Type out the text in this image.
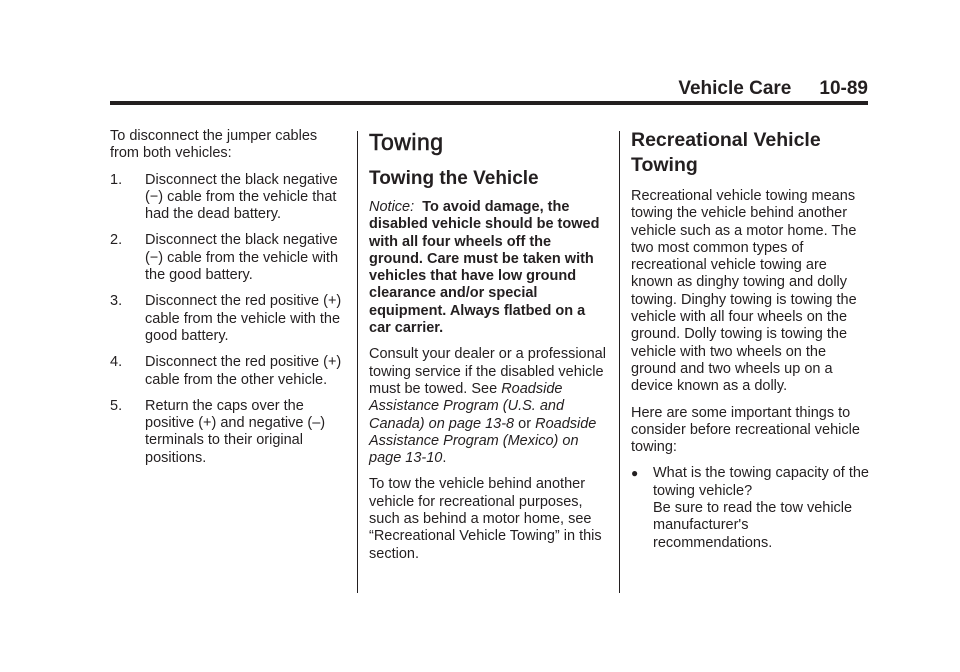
Vehicle Care 10-89

To disconnect the jumper cables from both vehicles:

1. Disconnect the black negative (−) cable from the vehicle that had the dead battery.
2. Disconnect the black negative (−) cable from the vehicle with the good battery.
3. Disconnect the red positive (+) cable from the vehicle with the good battery.
4. Disconnect the red positive (+) cable from the other vehicle.
5. Return the caps over the positive (+) and negative (–) terminals to their original positions.
Towing
Towing the Vehicle

Notice: To avoid damage, the disabled vehicle should be towed with all four wheels off the ground. Care must be taken with vehicles that have low ground clearance and/or special equipment. Always flatbed on a car carrier.

Consult your dealer or a professional towing service if the disabled vehicle must be towed. See Roadside Assistance Program (U.S. and Canada) on page 13-8 or Roadside Assistance Program (Mexico) on page 13-10.

To tow the vehicle behind another vehicle for recreational purposes, such as behind a motor home, see “Recreational Vehicle Towing” in this section.

Recreational Vehicle Towing

Recreational vehicle towing means towing the vehicle behind another vehicle such as a motor home. The two most common types of recreational vehicle towing are known as dinghy towing and dolly towing. Dinghy towing is towing the vehicle with all four wheels on the ground. Dolly towing is towing the vehicle with two wheels on the ground and two wheels up on a device known as a dolly.

Here are some important things to consider before recreational vehicle towing:

● What is the towing capacity of the towing vehicle?
Be sure to read the tow vehicle manufacturer's recommendations.
